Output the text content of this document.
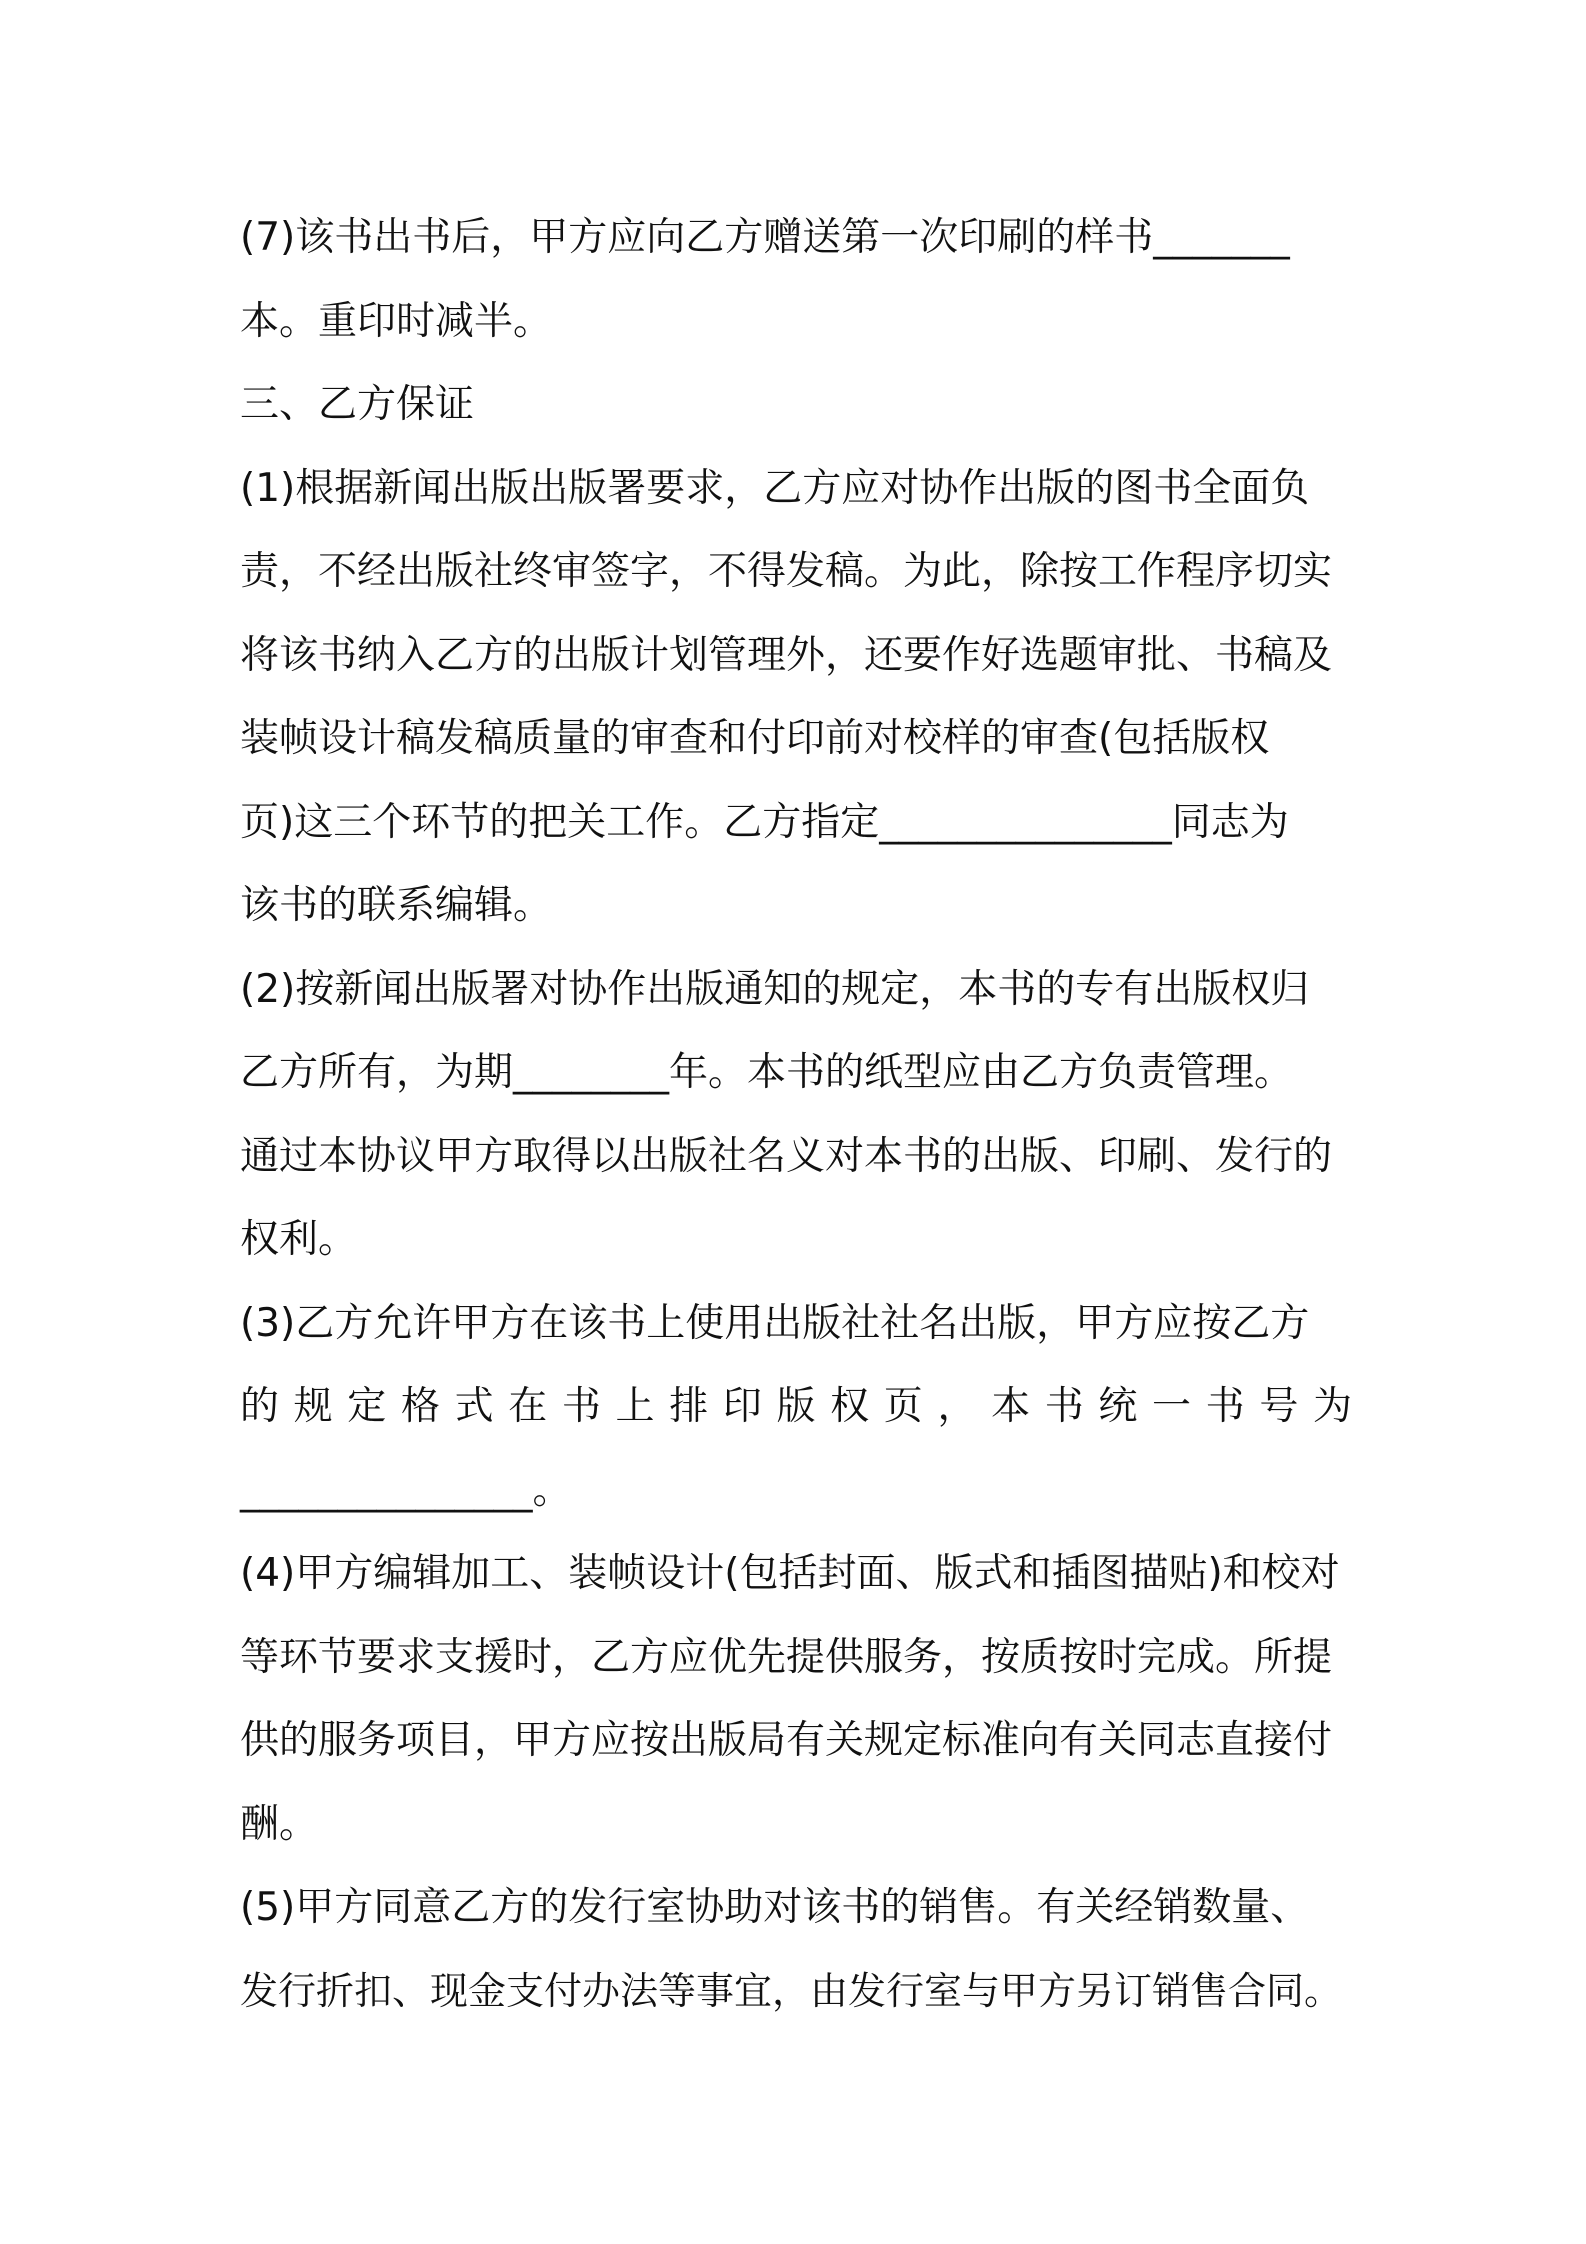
(7)该书出书后，甲方应向乙方赠送第一次印刷的样书_______
本。重印时减半。
三、乙方保证
(1)根据新闻出版出版署要求，乙方应对协作出版的图书全面负
责，不经出版社终审签字，不得发稿。为此，除按工作程序切实
将该书纳入乙方的出版计划管理外，还要作好选题审批、书稿及
装帧设计稿发稿质量的审查和付印前对校样的审查(包括版权
页)这三个环节的把关工作。乙方指定_______________同志为
该书的联系编辑。
(2)按新闻出版署对协作出版通知的规定，本书的专有出版权归
乙方所有，为期________年。本书的纸型应由乙方负责管理。
通过本协议甲方取得以出版社名义对本书的出版、印刷、发行的
权利。
(3)乙方允许甲方在该书上使用出版社社名出版，甲方应按乙方
的规定格式在书上排印版权页，本书统一书号为
_______________。
(4)甲方编辑加工、装帧设计(包括封面、版式和插图描贴)和校对
等环节要求支援时，乙方应优先提供服务，按质按时完成。所提
供的服务项目，甲方应按出版局有关规定标准向有关同志直接付
酬。
(5)甲方同意乙方的发行室协助对该书的销售。有关经销数量、
发行折扣、现金支付办法等事宜，由发行室与甲方另订销售合同。
